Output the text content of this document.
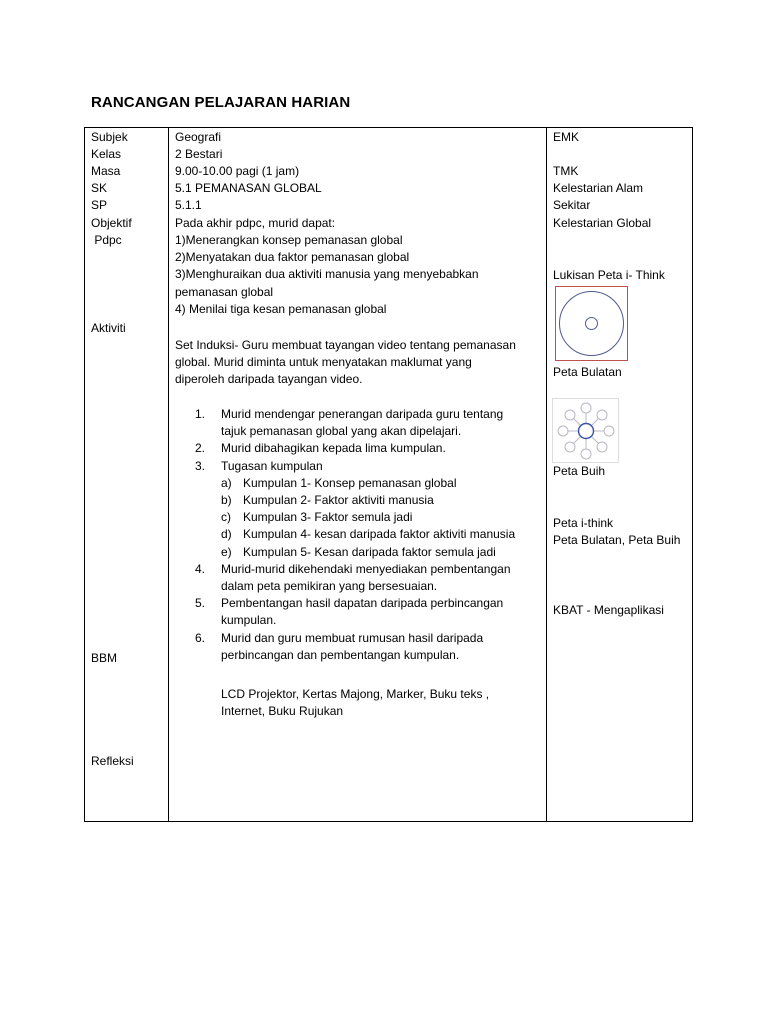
RANCANGAN PELAJARAN HARIAN
Subjek
Kelas
Masa
SK
SP
Objektif
Pdpc
Aktiviti
BBM
Refleksi
Geografi
2 Bestari
9.00-10.00 pagi (1 jam)
5.1 PEMANASAN GLOBAL
5.1.1
Pada akhir pdpc, murid dapat:
1)Menerangkan konsep pemanasan global
2)Menyatakan dua faktor pemanasan global
3)Menghuraikan dua aktiviti manusia yang menyebabkan
pemanasan global
4) Menilai tiga kesan pemanasan global
Set Induksi- Guru membuat tayangan video tentang pemanasan
global. Murid diminta untuk menyatakan maklumat yang
diperoleh daripada tayangan video.
1. Murid mendengar penerangan daripada guru tentang
tajuk pemanasan global yang akan dipelajari.
2. Murid dibahagikan kepada lima kumpulan.
3. Tugasan kumpulan
a) Kumpulan 1- Konsep pemanasan global
b) Kumpulan 2- Faktor aktiviti manusia
c) Kumpulan 3- Faktor semula jadi
d) Kumpulan 4- kesan daripada faktor aktiviti manusia
e) Kumpulan 5- Kesan daripada faktor semula jadi
4. Murid-murid dikehendaki menyediakan pembentangan
dalam peta pemikiran yang bersesuaian.
5. Pembentangan hasil dapatan daripada perbincangan
kumpulan.
6. Murid dan guru membuat rumusan hasil daripada
perbincangan dan pembentangan kumpulan.
LCD Projektor, Kertas Majong, Marker, Buku teks ,
Internet, Buku Rujukan
EMK
TMK
Kelestarian Alam
Sekitar
Kelestarian Global
Lukisan Peta i- Think
Peta Bulatan
Peta Buih
Peta i-think
Peta Bulatan, Peta Buih
KBAT - Mengaplikasi
